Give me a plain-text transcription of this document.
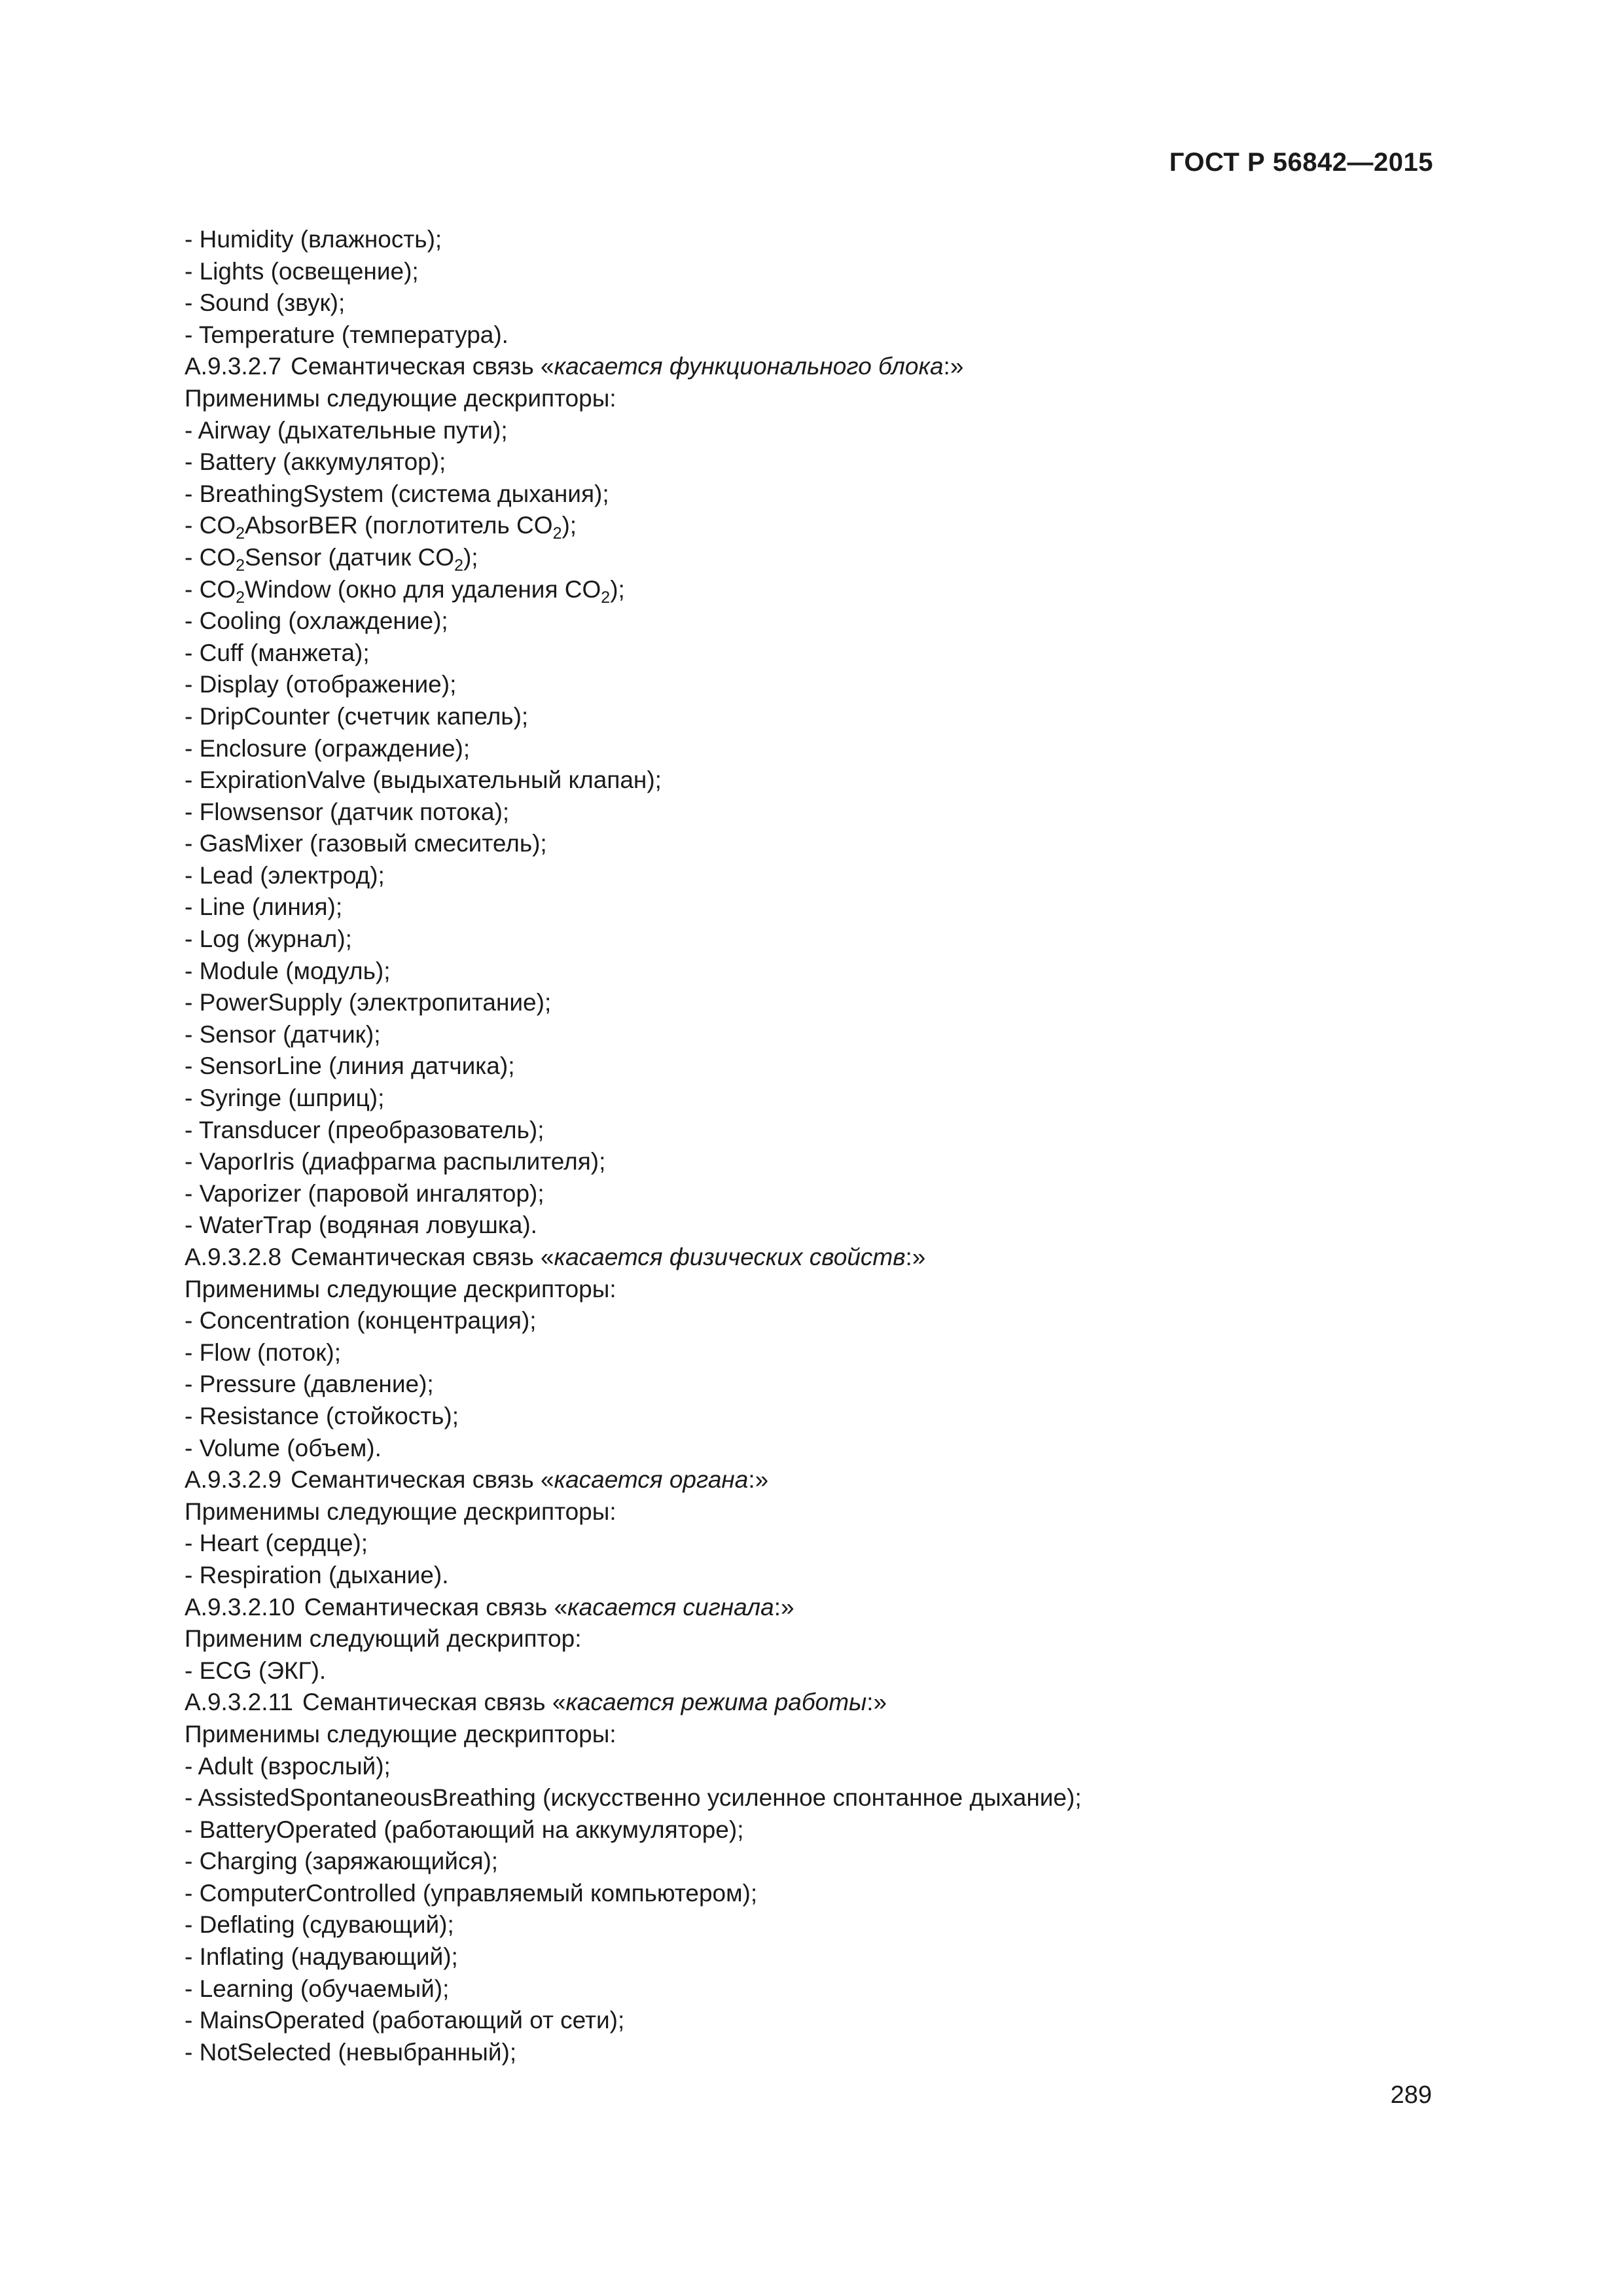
ГОСТ Р 56842—2015
- Humidity (влажность);
- Lights (освещение);
- Sound (звук);
- Temperature (температура).
А.9.3.2.7 Семантическая связь «касается функционального блока:»
Применимы следующие дескрипторы:
- Airway (дыхательные пути);
- Battery (аккумулятор);
- BreathingSystem (система дыхания);
- $CO_2AbsorBER$ (поглотитель $CO_2$);
- $CO_2Sensor$ (датчик $CO_2$);
- $CO_2Window$ (окно для удаления $CO_2$);
- Cooling (охлаждение);
- Cuff (манжета);
- Display (отображение);
- DripCounter (счетчик капель);
- Enclosure (ограждение);
- ExpirationValve (выдыхательный клапан);
- Flowsensor (датчик потока);
- GasMixer (газовый смеситель);
- Lead (электрод);
- Line (линия);
- Log (журнал);
- Module (модуль);
- PowerSupply (электропитание);
- Sensor (датчик);
- SensorLine (линия датчика);
- Syringe (шприц);
- Transducer (преобразователь);
- VaporIris (диафрагма распылителя);
- Vaporizer (паровой ингалятор);
- WaterTrap (водяная ловушка).
А.9.3.2.8 Семантическая связь «касается физических свойств:»
Применимы следующие дескрипторы:
- Concentration (концентрация);
- Flow (поток);
- Pressure (давление);
- Resistance (стойкость);
- Volume (объем).
А.9.3.2.9 Семантическая связь «касается органа:»
Применимы следующие дескрипторы:
- Heart (сердце);
- Respiration (дыхание).
А.9.3.2.10 Семантическая связь «касается сигнала:»
Применим следующий дескриптор:
- ECG (ЭКГ).
А.9.3.2.11 Семантическая связь «касается режима работы:»
Применимы следующие дескрипторы:
- Adult (взрослый);
- AssistedSpontaneousBreathing (искусственно усиленное спонтанное дыхание);
- BatteryOperated (работающий на аккумуляторе);
- Charging (заряжающийся);
- ComputerControlled (управляемый компьютером);
- Deflating (сдувающий);
- Inflating (надувающий);
- Learning (обучаемый);
- MainsOperated (работающий от сети);
- NotSelected (невыбранный);
289
